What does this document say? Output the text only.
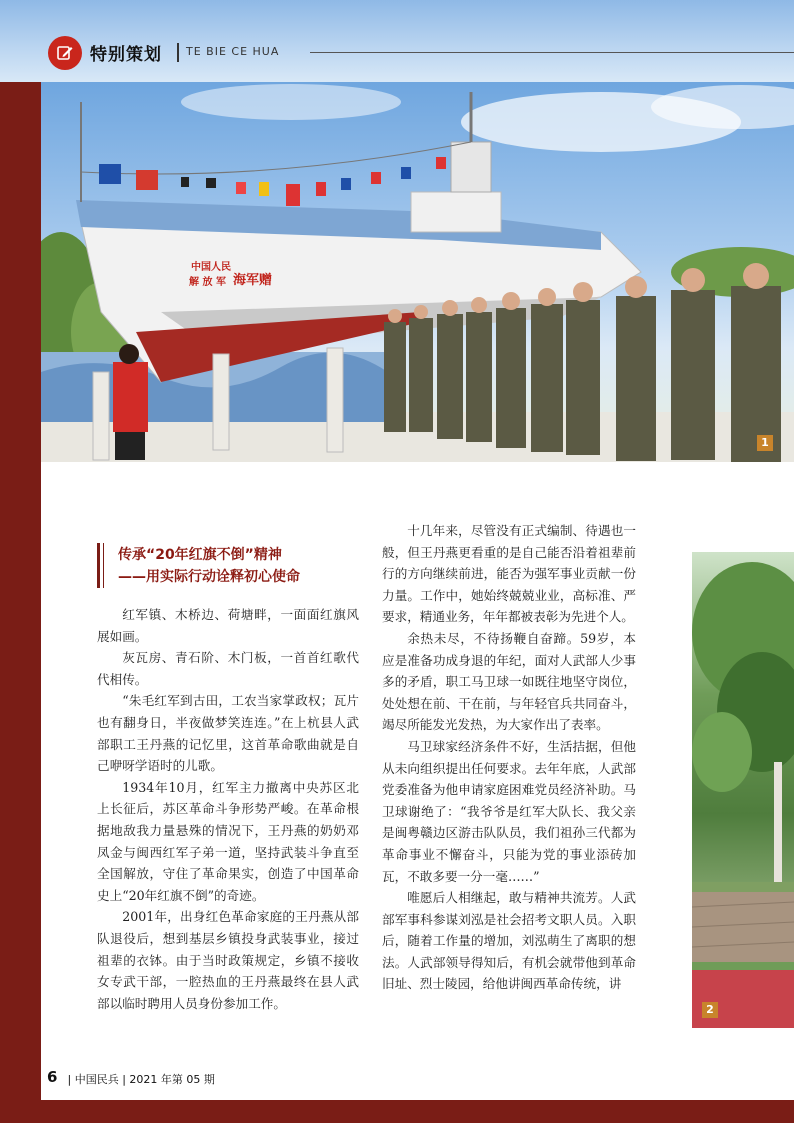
特别策划 TE BIE CE HUA
中国人民
解 放 军 海军赠
1
2
传承“20年红旗不倒”精神
——用实际行动诠释初心使命

红军镇、木桥边、荷塘畔，一面面红旗风展如画。

灰瓦房、青石阶、木门板，一首首红歌代代相传。

“朱毛红军到古田，工农当家掌政权；瓦片也有翻身日，半夜做梦笑连连。”在上杭县人武部职工王丹燕的记忆里，这首革命歌曲就是自己咿呀学语时的儿歌。

1934年10月，红军主力撤离中央苏区北上长征后，苏区革命斗争形势严峻。在革命根据地敌我力量悬殊的情况下，王丹燕的奶奶邓凤金与闽西红军子弟一道，坚持武装斗争直至全国解放，守住了革命果实，创造了中国革命史上“20年红旗不倒”的奇迹。

2001年，出身红色革命家庭的王丹燕从部队退役后，想到基层乡镇投身武装事业，接过祖辈的衣钵。由于当时政策规定，乡镇不接收女专武干部，一腔热血的王丹燕最终在县人武部以临时聘用人员身份参加工作。

十几年来，尽管没有正式编制、待遇也一般，但王丹燕更看重的是自己能否沿着祖辈前行的方向继续前进，能否为强军事业贡献一份力量。工作中，她始终兢兢业业，高标准、严要求，精通业务，年年都被表彰为先进个人。

余热未尽，不待扬鞭自奋蹄。59岁，本应是准备功成身退的年纪，面对人武部人少事多的矛盾，职工马卫球一如既往地坚守岗位，处处想在前、干在前，与年轻官兵共同奋斗，竭尽所能发光发热，为大家作出了表率。

马卫球家经济条件不好，生活拮据，但他从未向组织提出任何要求。去年年底，人武部党委准备为他申请家庭困难党员经济补助。马卫球谢绝了：“我爷爷是红军大队长、我父亲是闽粤赣边区游击队队员，我们祖孙三代都为革命事业不懈奋斗，只能为党的事业添砖加瓦，不敢多要一分一毫……”

唯愿后人相继起，敢与精神共流芳。人武部军事科参谋刘泓是社会招考文职人员。入职后，随着工作量的增加，刘泓萌生了离职的想法。人武部领导得知后，有机会就带他到革命旧址、烈士陵园，给他讲闽西革命传统，讲

6 | 中国民兵 | 2021 年第 05 期
